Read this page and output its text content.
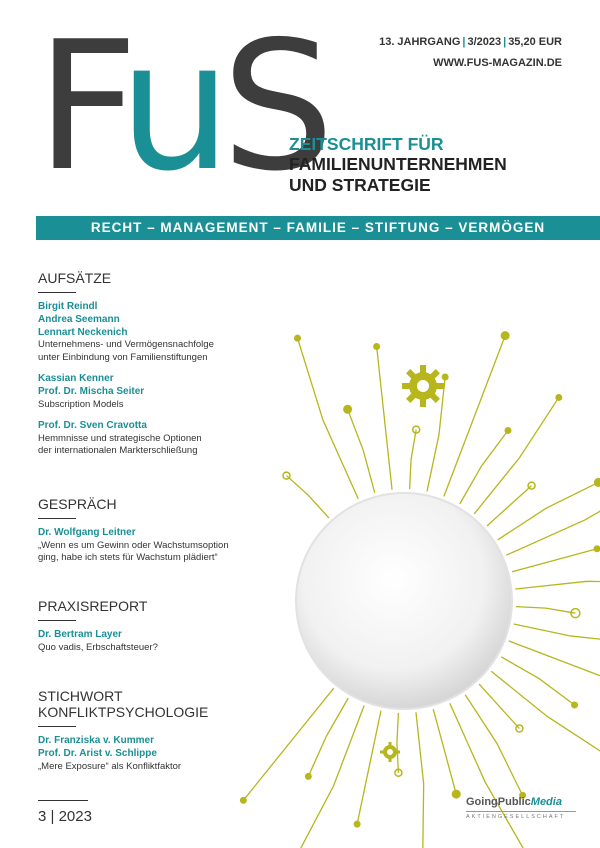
FuS	13. JAHRGANG | 3/2023 | 35,20 EUR
WWW.FUS-MAGAZIN.DE
ZEITSCHRIFT FÜR
FAMILIENUNTERNEHMEN
UND STRATEGIE
RECHT – MANAGEMENT – FAMILIE – STIFTUNG – VERMÖGEN
AUFSÄTZE
Birgit Reindl
Andrea Seemann
Lennart Neckenich
Unternehmens- und Vermögensnachfolge
unter Einbindung von Familienstiftungen
Kassian Kenner
Prof. Dr. Mischa Seiter
Subscription Models
Prof. Dr. Sven Cravotta
Hemmnisse und strategische Optionen
der internationalen Markterschließung
GESPRÄCH
Dr. Wolfgang Leitner
„Wenn es um Gewinn oder Wachstumsoption
ging, habe ich stets für Wachstum plädiert“
PRAXISREPORT
Dr. Bertram Layer
Quo vadis, Erbschaftsteuer?
STICHWORT
KONFLIKTPSYCHOLOGIE
Dr. Franziska v. Kummer
Prof. Dr. Arist v. Schlippe
„Mere Exposure“ als Konfliktfaktor
3 | 2023
GoingPublicMedia
AKTIENGESELLSCHAFT
